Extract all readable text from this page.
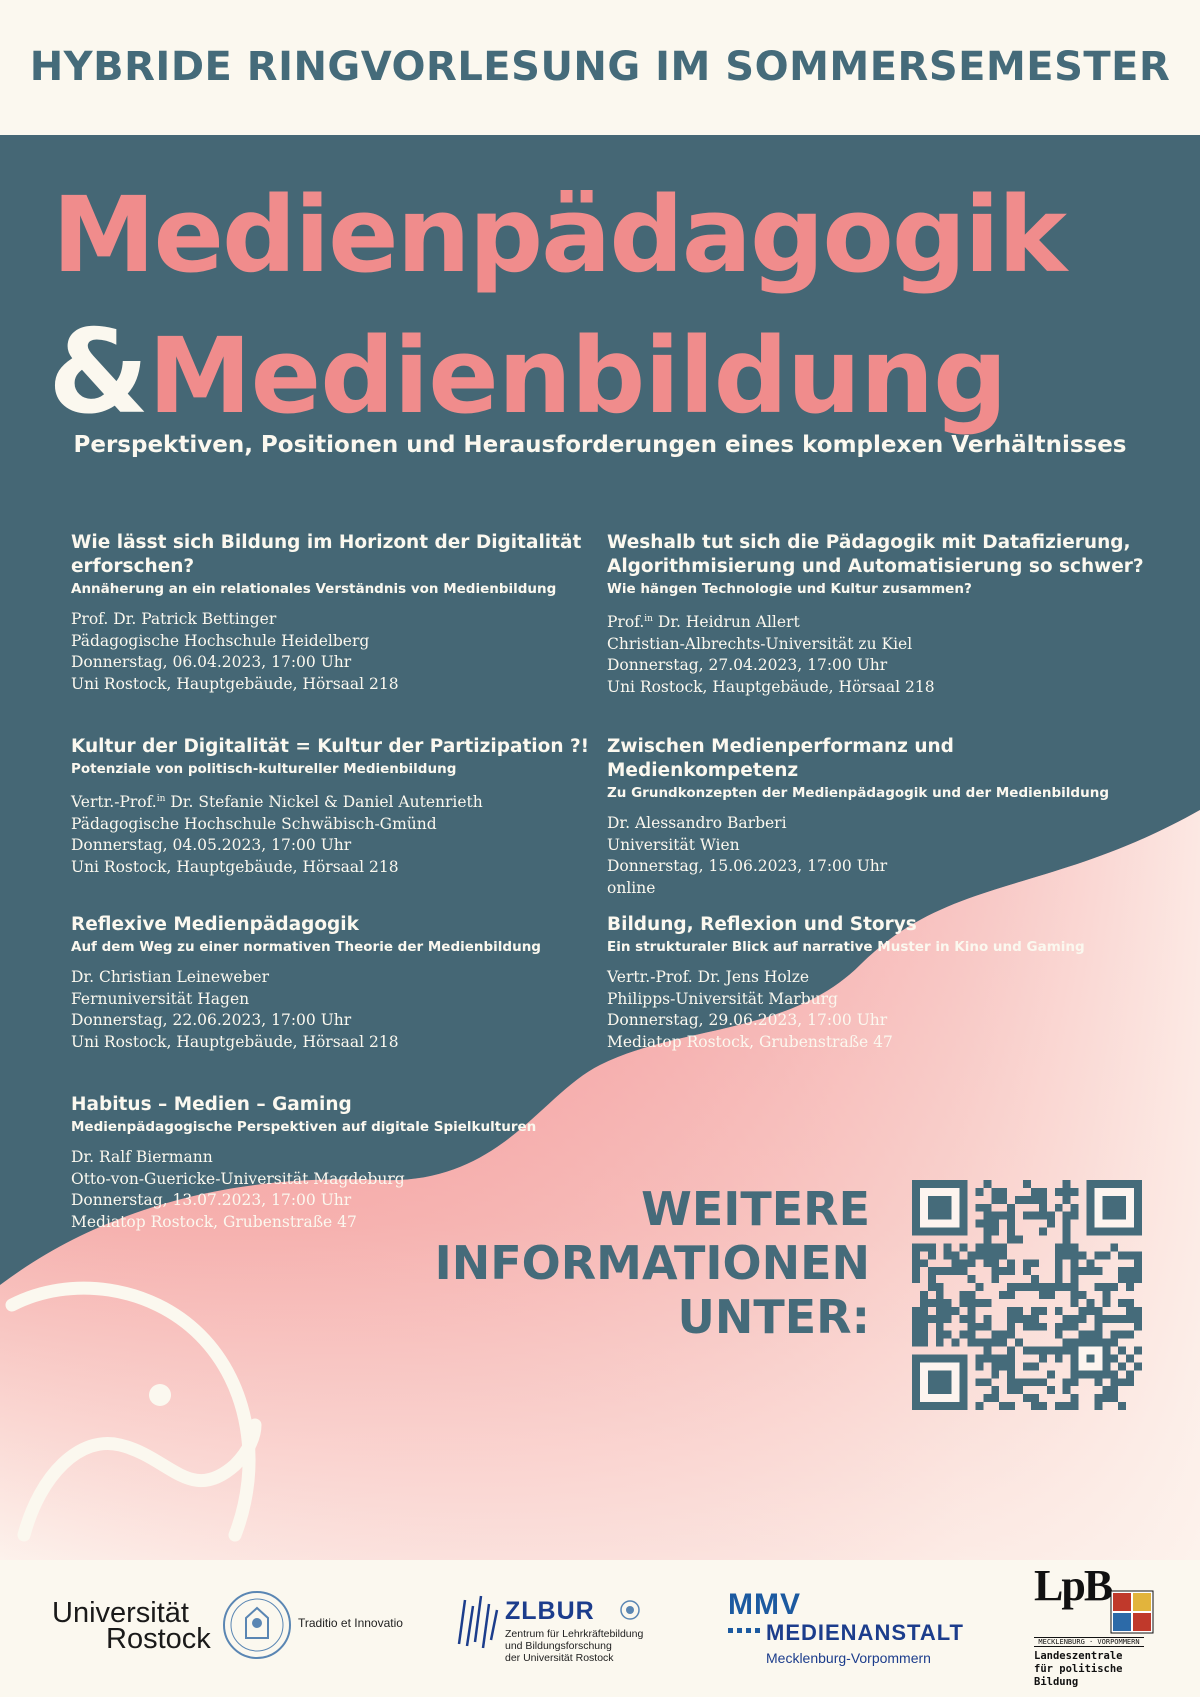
HYBRIDE RINGVORLESUNG IM SOMMERSEMESTER
Medienpädagogik
&Medienbildung
Perspektiven, Positionen und Herausforderungen eines komplexen Verhältnisses

Wie lässt sich Bildung im Horizont der Digitalität erforschen?

Annäherung an ein relationales Verständnis von Medienbildung

Prof. Dr. Patrick Bettinger

Pädagogische Hochschule Heidelberg

Donnerstag, 06.04.2023, 17:00 Uhr

Uni Rostock, Hauptgebäude, Hörsaal 218

Weshalb tut sich die Pädagogik mit Datafizierung, Algorithmisierung und Automatisierung so schwer?

Wie hängen Technologie und Kultur zusammen?

Prof.$^{in}$ Dr. Heidrun Allert

Christian-Albrechts-Universität zu Kiel

Donnerstag, 27.04.2023, 17:00 Uhr

Uni Rostock, Hauptgebäude, Hörsaal 218

Kultur der Digitalität = Kultur der Partizipation ?!

Potenziale von politisch-kultureller Medienbildung

Vertr.-Prof.$^{in}$ Dr. Stefanie Nickel & Daniel Autenrieth

Pädagogische Hochschule Schwäbisch-Gmünd

Donnerstag, 04.05.2023, 17:00 Uhr

Uni Rostock, Hauptgebäude, Hörsaal 218

Zwischen Medienperformanz und Medienkompetenz

Zu Grundkonzepten der Medienpädagogik und der Medienbildung

Dr. Alessandro Barberi

Universität Wien

Donnerstag, 15.06.2023, 17:00 Uhr

online

Reflexive Medienpädagogik

Auf dem Weg zu einer normativen Theorie der Medienbildung

Dr. Christian Leineweber

Fernuniversität Hagen

Donnerstag, 22.06.2023, 17:00 Uhr

Uni Rostock, Hauptgebäude, Hörsaal 218

Bildung, Reflexion und Storys

Ein strukturaler Blick auf narrative Muster in Kino und Gaming

Vertr.-Prof. Dr. Jens Holze

Philipps-Universität Marburg

Donnerstag, 29.06.2023, 17:00 Uhr

Mediatop Rostock, Grubenstraße 47

Habitus – Medien – Gaming

Medienpädagogische Perspektiven auf digitale Spielkulturen

Dr. Ralf Biermann

Otto-von-Guericke-Universität Magdeburg

Donnerstag, 13.07.2023, 17:00 Uhr

Mediatop Rostock, Grubenstraße 47	WEITERE
INFORMATIONEN
UNTER:
Universität
Rostock	Traditio et Innovatio	ZLBUR
Zentrum für Lehrkräftebildung
und Bildungsforschung
der Universität Rostock
MMV
MEDIENANSTALT
Mecklenburg-Vorpommern
LpB
MECKLENBURG · VORPOMMERN
Landeszentrale
für politische Bildung
